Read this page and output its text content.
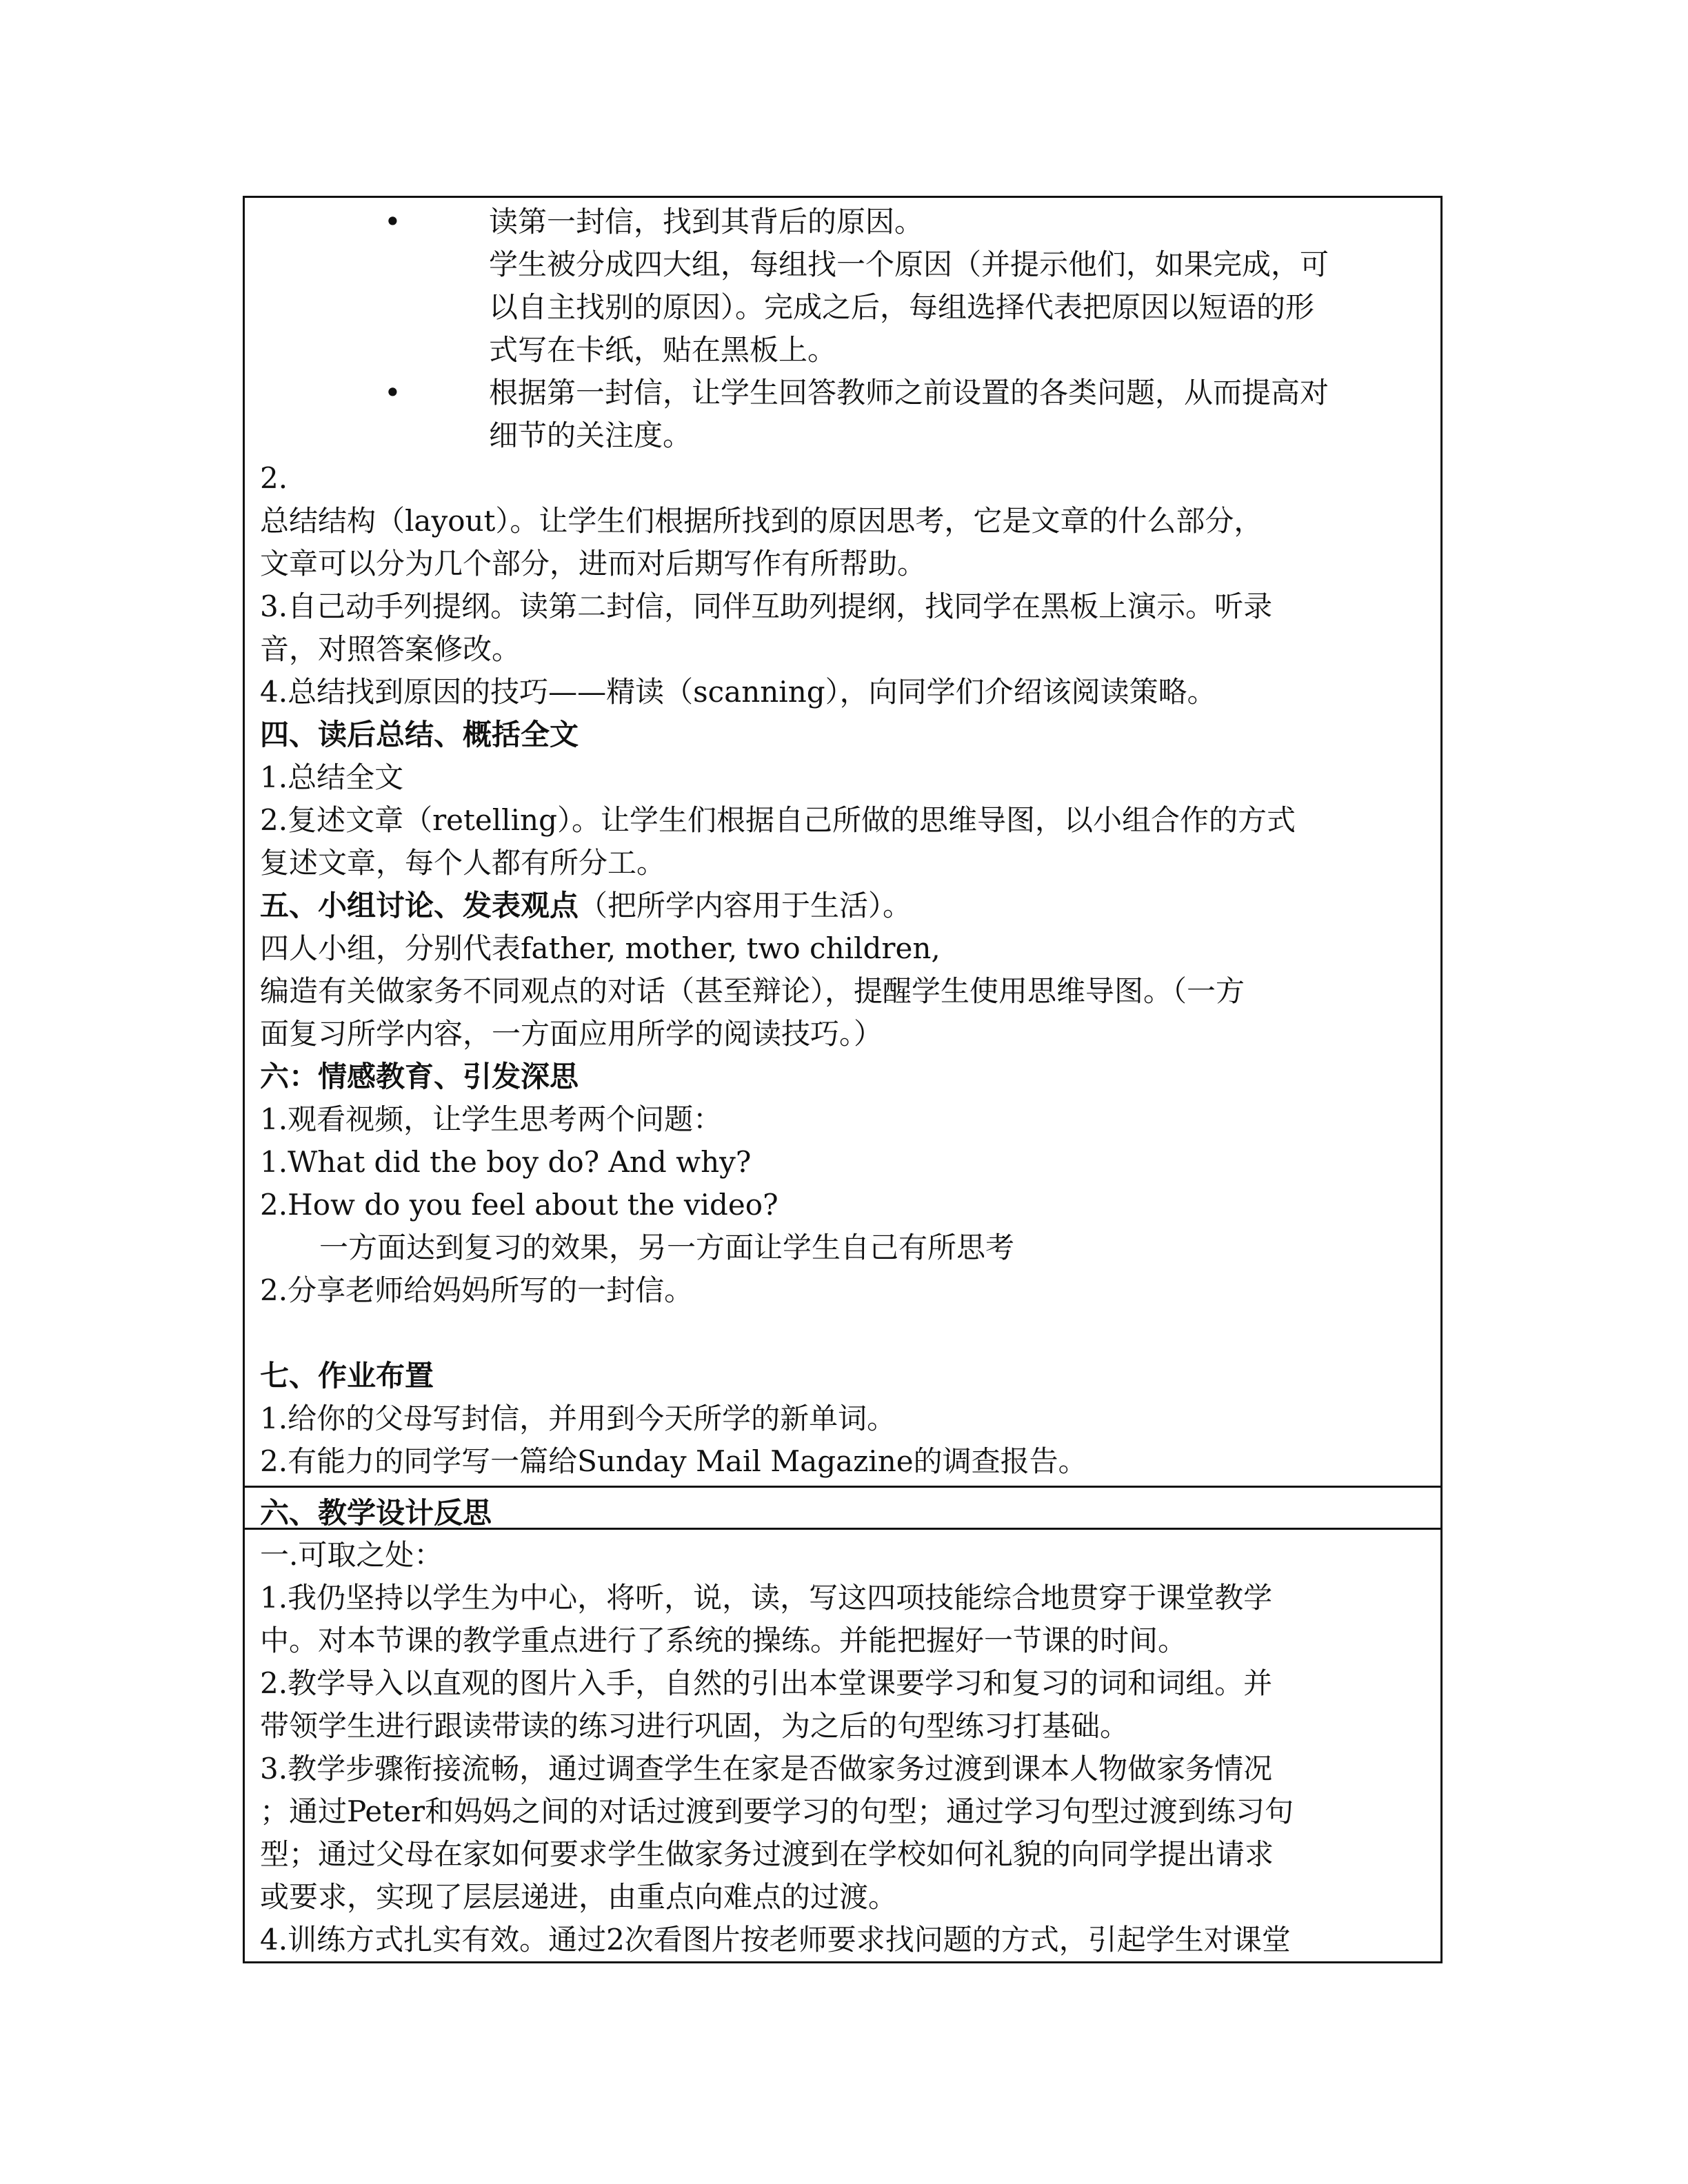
•	读第一封信，找到其背后的原因。

学生被分成四大组，每组找一个原因（并提示他们，如果完成，可

以自主找别的原因）。完成之后，每组选择代表把原因以短语的形

式写在卡纸，贴在黑板上。

•	根据第一封信，让学生回答教师之前设置的各类问题，从而提高对

细节的关注度。

2.

总结结构（layout）。让学生们根据所找到的原因思考，它是文章的什么部分，

文章可以分为几个部分，进而对后期写作有所帮助。

3.自己动手列提纲。读第二封信，同伴互助列提纲，找同学在黑板上演示。听录

音，对照答案修改。

4.总结找到原因的技巧——精读（scanning），向同学们介绍该阅读策略。

四、读后总结、概括全文

1.总结全文

2.复述文章（retelling）。让学生们根据自己所做的思维导图，以小组合作的方式

复述文章，每个人都有所分工。

五、小组讨论、发表观点（把所学内容用于生活）。

四人小组，分别代表father, mother, two children,

编造有关做家务不同观点的对话（甚至辩论），提醒学生使用思维导图。（一方

面复习所学内容，一方面应用所学的阅读技巧。）

六：情感教育、引发深思

1.观看视频，让学生思考两个问题：

1.What did the boy do? And why?

2.How do you feel about the video?

一方面达到复习的效果，另一方面让学生自己有所思考

2.分享老师给妈妈所写的一封信。

七、作业布置

1.给你的父母写封信，并用到今天所学的新单词。

2.有能力的同学写一篇给Sunday Mail Magazine的调查报告。

六、教学设计反思

一.可取之处：

1.我仍坚持以学生为中心，将听，说，读，写这四项技能综合地贯穿于课堂教学

中。对本节课的教学重点进行了系统的操练。并能把握好一节课的时间。

2.教学导入以直观的图片入手，自然的引出本堂课要学习和复习的词和词组。并

带领学生进行跟读带读的练习进行巩固，为之后的句型练习打基础。

3.教学步骤衔接流畅，通过调查学生在家是否做家务过渡到课本人物做家务情况

；通过Peter和妈妈之间的对话过渡到要学习的句型；通过学习句型过渡到练习句

型；通过父母在家如何要求学生做家务过渡到在学校如何礼貌的向同学提出请求

或要求，实现了层层递进，由重点向难点的过渡。

4.训练方式扎实有效。通过2次看图片按老师要求找问题的方式，引起学生对课堂
